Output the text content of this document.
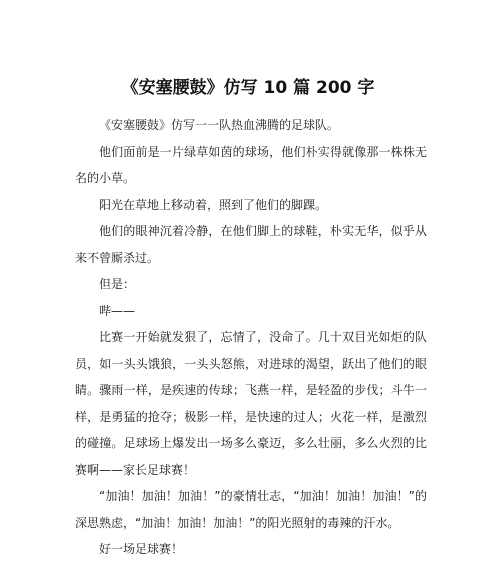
《安塞腰鼓》仿写 10 篇 200 字

《安塞腰鼓》仿写一一队热血沸腾的足球队。

他们面前是一片绿草如茵的球场，他们朴实得就像那一株株无名的小草。

阳光在草地上移动着，照到了他们的脚踝。

他们的眼神沉着冷静，在他们脚上的球鞋，朴实无华，似乎从来不曾厮杀过。

但是：

哔——

比赛一开始就发狠了，忘情了，没命了。几十双目光如炬的队员，如一头头饿狼，一头头怒熊，对进球的渴望，跃出了他们的眼睛。骤雨一样，是疾速的传球；飞燕一样，是轻盈的步伐；斗牛一样，是勇猛的抢夺；极影一样，是快速的过人；火花一样，是激烈的碰撞。足球场上爆发出一场多么豪迈，多么壮丽，多么火烈的比赛啊——家长足球赛！

“加油！加油！加油！”的豪情壮志，“加油！加油！加油！”的深思熟虑，“加油！加油！加油！”的阳光照射的毒辣的汗水。

好一场足球赛！
